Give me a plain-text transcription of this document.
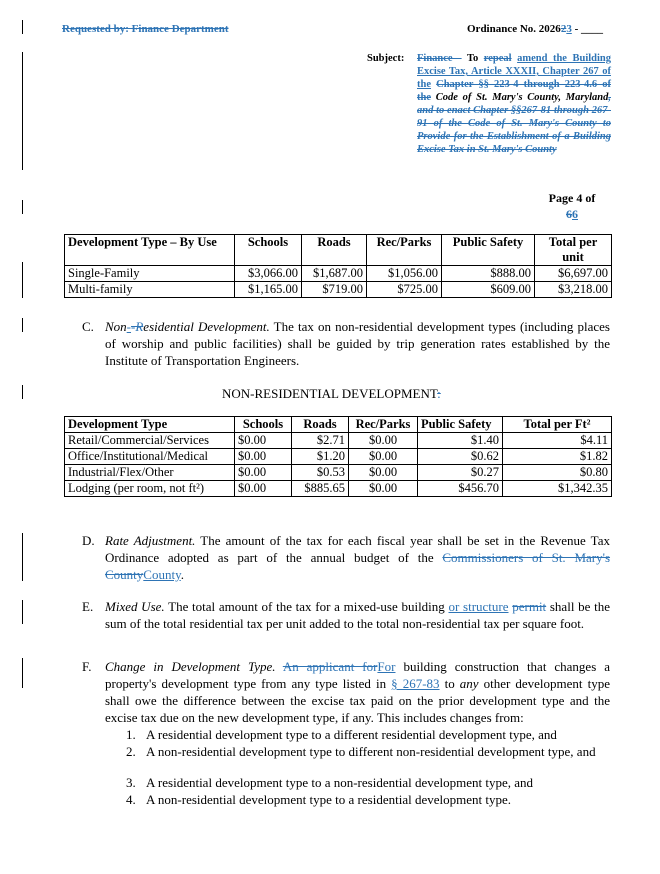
Requested by: Finance Department	Ordinance No. 202623 - ____
Subject: Finance - To repeal amend the Building Excise Tax, Article XXXII, Chapter 267 of the Chapter §§ 223-4 through 223-4.6 of the Code of St. Mary's County, Maryland, and to enact Chapter §§267-81 through 267-91 of the Code of St. Mary's County to Provide for the Establishment of a Building Excise Tax in St. Mary's County
Page 4 of
66
Development Type – By Use	Schools	Roads	Rec/Parks	Public Safety	Total per unit
Single-Family	$3,066.00	$1,687.00	$1,056.00	$888.00	$6,697.00
Multi-family	$1,165.00	$719.00	$725.00	$609.00	$3,218.00
C. Non--Residential Development. The tax on non-residential development types (including places of worship and public facilities) shall be guided by trip generation rates established by the Institute of Transportation Engineers.
NON-RESIDENTIAL DEVELOPMENT:
Development Type	Schools	Roads	Rec/Parks	Public Safety	Total per Ft²
Retail/Commercial/Services	$0.00	$2.71	$0.00	$1.40	$4.11
Office/Institutional/Medical	$0.00	$1.20	$0.00	$0.62	$1.82
Industrial/Flex/Other	$0.00	$0.53	$0.00	$0.27	$0.80
Lodging (per room, not ft²)	$0.00	$885.65	$0.00	$456.70	$1,342.35
D. Rate Adjustment. The amount of the tax for each fiscal year shall be set in the Revenue Tax Ordinance adopted as part of the annual budget of the Commissioners of St. Mary's CountyCounty.
E. Mixed Use. The total amount of the tax for a mixed-use building or structure permit shall be the sum of the total residential tax per unit added to the total non-residential tax per square foot.
F. Change in Development Type. An applicant forFor building construction that changes a property's development type from any type listed in § 267-83 to any other development type shall owe the difference between the excise tax paid on the prior development type and the excise tax due on the new development type, if any. This includes changes from:
1. A residential development type to a different residential development type, and
2. A non-residential development type to different non-residential development type, and
3. A residential development type to a non-residential development type, and
4. A non-residential development type to a residential development type.
